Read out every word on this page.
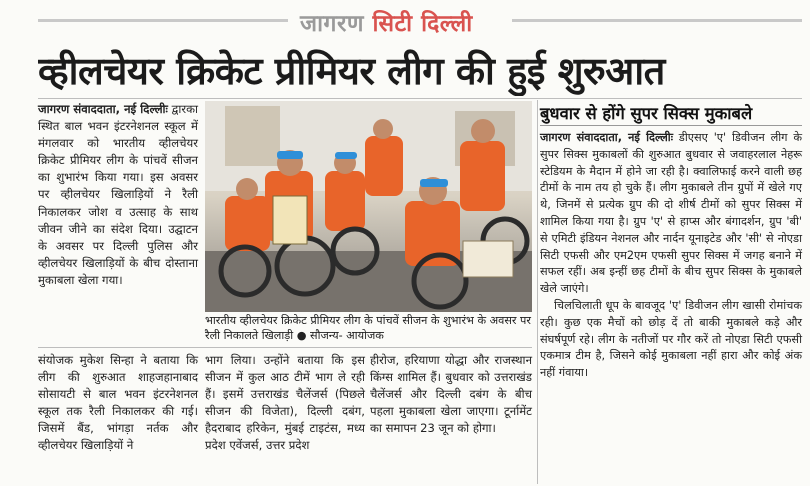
जागरण सिटी दिल्ली
व्हीलचेयर क्रिकेट प्रीमियर लीग की हुई शुरुआत

जागरण संवाददाता, नई दिल्लीः द्वारका स्थित बाल भवन इंटरनेशनल स्कूल में मंगलवार को भारतीय व्हीलचेयर क्रिकेट प्रीमियर लीग के पांचवें सीजन का शुभारंभ किया गया। इस अवसर पर व्हीलचेयर खिलाड़ियों ने रैली निकालकर जोश व उत्साह के साथ जीवन जीने का संदेश दिया। उद्घाटन के अवसर पर दिल्ली पुलिस और व्हीलचेयर खिलाड़ियों के बीच दोस्ताना मुकाबला खेला गया।

भारतीय व्हीलचेयर क्रिकेट प्रीमियर लीग के पांचवें सीजन के शुभारंभ के अवसर पर रैली निकालते खिलाड़ी ● सौजन्य- आयोजक

संयोजक मुकेश सिन्हा ने बताया कि लीग की शुरुआत शाहजहानाबाद सोसायटी से बाल भवन इंटरनेशनल स्कूल तक रैली निकालकर की गई। जिसमें बैंड, भांगड़ा नर्तक और व्हीलचेयर खिलाड़ियों ने

भाग लिया। उन्होंने बताया कि इस सीजन में कुल आठ टीमें भाग ले रही हैं। इसमें उत्तराखंड चैलेंजर्स (पिछले सीजन की विजेता), दिल्ली दबंग, हैदराबाद हरिकेन, मुंबई टाइटंस, मध्य प्रदेश एवेंजर्स, उत्तर प्रदेश

हीरोज, हरियाणा योद्धा और राजस्थान किंग्स शामिल हैं। बुधवार को उत्तराखंड चैलेंजर्स और दिल्ली दबंग के बीच पहला मुकाबला खेला जाएगा। टूर्नामेंट का समापन 23 जून को होगा।

बुधवार से होंगे सुपर सिक्स मुकाबले

जागरण संवाददाता, नई दिल्लीः डीएसए 'ए' डिवीजन लीग के सुपर सिक्स मुकाबलों की शुरुआत बुधवार से जवाहरलाल नेहरू स्टेडियम के मैदान में होने जा रही है। क्वालिफाई करने वाली छह टीमों के नाम तय हो चुके हैं। लीग मुकाबले तीन ग्रुपों में खेले गए थे, जिनमें से प्रत्येक ग्रुप की दो शीर्ष टीमों को सुपर सिक्स में शामिल किया गया है। ग्रुप 'ए' से हाप्स और बंगादर्शन, ग्रुप 'बी' से एमिटी इंडियन नेशनल और नार्दन यूनाइटेड और 'सी' से नोएडा सिटी एफसी और एम2एम एफसी सुपर सिक्स में जगह बनाने में सफल रहीं। अब इन्हीं छह टीमों के बीच सुपर सिक्स के मुकाबले खेले जाएंगे।

चिलचिलाती धूप के बावजूद 'ए' डिवीजन लीग खासी रोमांचक रही। कुछ एक मैचों को छोड़ दें तो बाकी मुकाबले कड़े और संघर्षपूर्ण रहे। लीग के नतीजों पर गौर करें तो नोएडा सिटी एफसी एकमात्र टीम है, जिसने कोई मुकाबला नहीं हारा और कोई अंक नहीं गंवाया।
